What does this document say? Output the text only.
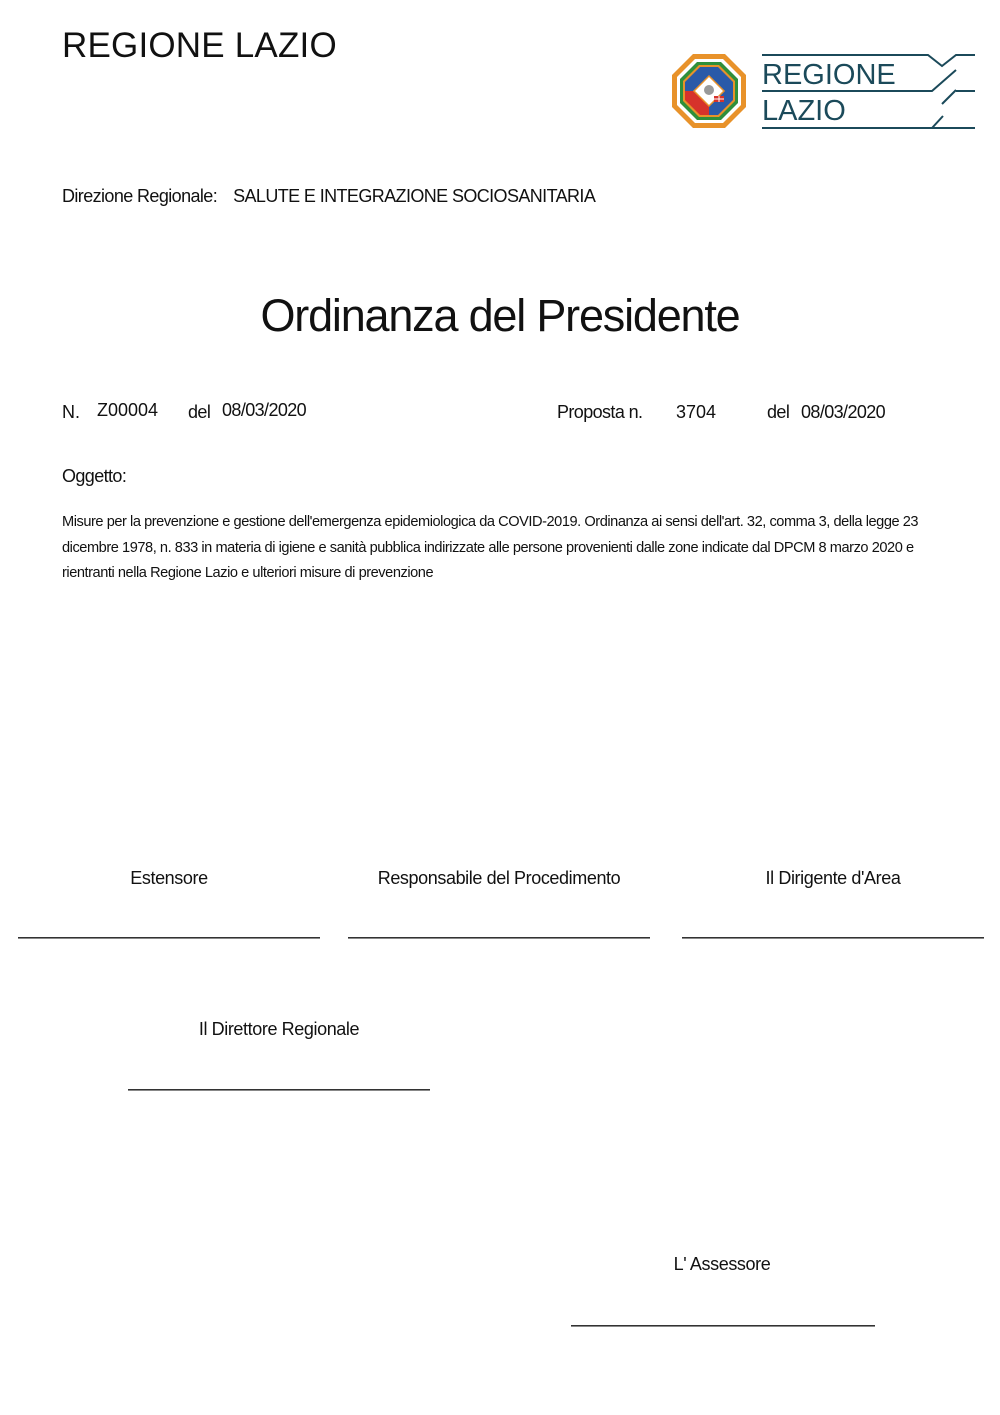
REGIONE LAZIO
REGIONE
LAZIO
Direzione Regionale: SALUTE E INTEGRAZIONE SOCIOSANITARIA
Ordinanza del Presidente
N. Z00004 del 08/03/2020	Proposta n. 3704	del 08/03/2020
Oggetto:
Misure per la prevenzione e gestione dell'emergenza epidemiologica da COVID-2019. Ordinanza ai sensi dell'art. 32, comma 3, della legge 23 dicembre 1978, n. 833 in materia di igiene e sanità pubblica indirizzate alle persone provenienti dalle zone indicate dal DPCM 8 marzo 2020 e rientranti nella Regione Lazio e ulteriori misure di prevenzione
Estensore	Responsabile del Procedimento	Il Dirigente d'Area
Il Direttore Regionale
L' Assessore
